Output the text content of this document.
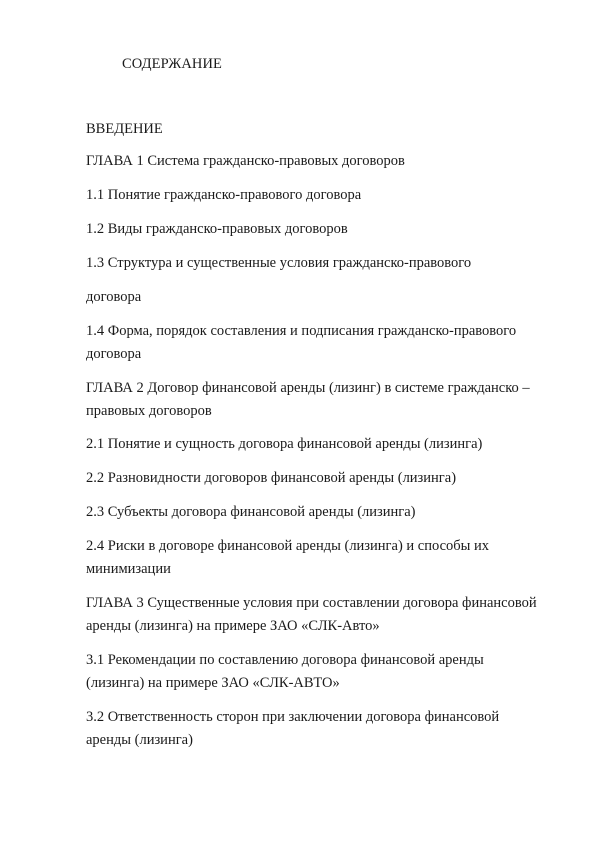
СОДЕРЖАНИЕ
ВВЕДЕНИЕ
ГЛАВА 1 Система гражданско-правовых договоров
1.1 Понятие гражданско-правового договора
1.2 Виды гражданско-правовых договоров
1.3 Структура и существенные условия гражданско-правового
договора
1.4 Форма, порядок составления и подписания гражданско-правового договора
ГЛАВА 2 Договор финансовой аренды (лизинг) в системе гражданско – правовых договоров
2.1 Понятие и сущность договора финансовой аренды (лизинга)
2.2 Разновидности договоров финансовой аренды (лизинга)
2.3 Субъекты договора финансовой аренды (лизинга)
2.4 Риски в договоре финансовой аренды (лизинга) и способы их минимизации
ГЛАВА 3 Существенные условия при составлении договора финансовой аренды (лизинга) на примере ЗАО «СЛК-Авто»
3.1 Рекомендации по составлению договора финансовой аренды (лизинга) на примере ЗАО «СЛК-АВТО»
3.2 Ответственность сторон при заключении договора финансовой аренды (лизинга)
